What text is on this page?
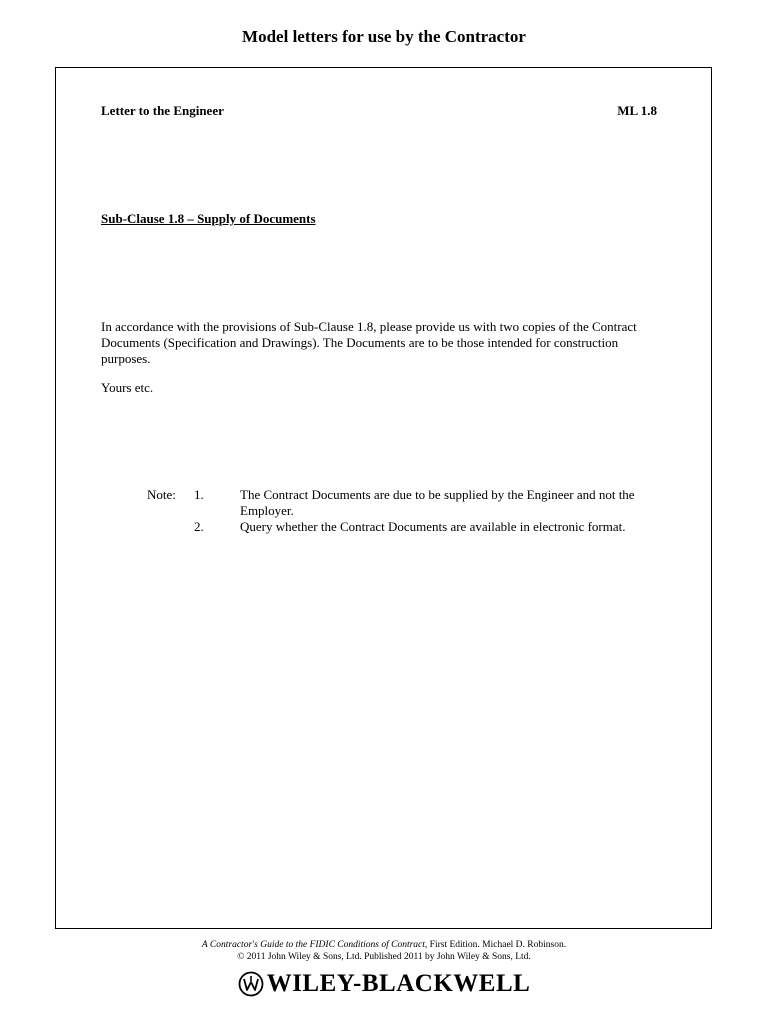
Model letters for use by the Contractor
Letter to the Engineer	ML 1.8
Sub-Clause 1.8 – Supply of Documents

In accordance with the provisions of Sub-Clause 1.8, please provide us with two copies of the Contract Documents (Specification and Drawings). The Documents are to be those intended for construction purposes.

Yours etc.
Note: 1.	The Contract Documents are due to be supplied by the Engineer and not the Employer.
2.	Query whether the Contract Documents are available in electronic format.
A Contractor's Guide to the FIDIC Conditions of Contract, First Edition. Michael D. Robinson.
© 2011 John Wiley & Sons, Ltd. Published 2011 by John Wiley & Sons, Ltd.
WILEY-BLACKWELL
